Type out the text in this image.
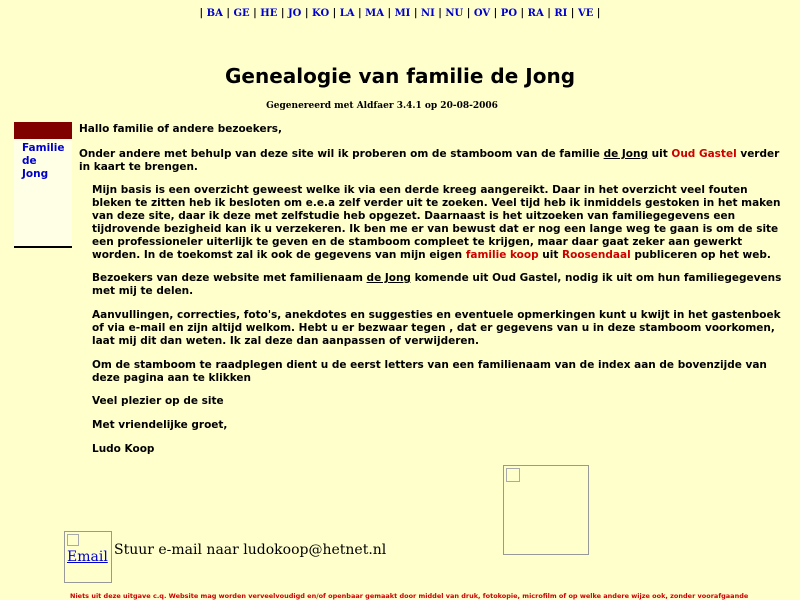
| BA | GE | HE | JO | KO | LA | MA | MI | NI | NU | OV | PO | RA | RI | VE |
Genealogie van familie de Jong
Gegenereerd met Aldfaer 3.4.1 op 20-08-2006
Familie
de
Jong

Hallo familie of andere bezoekers,

Onder andere met behulp van deze site wil ik proberen om de stamboom van de familie de Jong uit Oud Gastel verder in kaart te brengen.

Mijn basis is een overzicht geweest welke ik via een derde kreeg aangereikt. Daar in het overzicht veel fouten bleken te zitten heb ik besloten om e.e.a zelf verder uit te zoeken. Veel tijd heb ik inmiddels gestoken in het maken van deze site, daar ik deze met zelfstudie heb opgezet. Daarnaast is het uitzoeken van familiegegevens een tijdrovende bezigheid kan ik u verzekeren. Ik ben me er van bewust dat er nog een lange weg te gaan is om de site een professioneler uiterlijk te geven en de stamboom compleet te krijgen, maar daar gaat zeker aan gewerkt worden. In de toekomst zal ik ook de gegevens van mijn eigen familie koop uit Roosendaal publiceren op het web.

Bezoekers van deze website met familienaam de Jong komende uit Oud Gastel, nodig ik uit om hun familiegegevens met mij te delen.

Aanvullingen, correcties, foto's, anekdotes en suggesties en eventuele opmerkingen kunt u kwijt in het gastenboek of via e-mail en zijn altijd welkom. Hebt u er bezwaar tegen , dat er gegevens van u in deze stamboom voorkomen, laat mij dit dan weten. Ik zal deze dan aanpassen of verwijderen.

Om de stamboom te raadplegen dient u de eerst letters van een familienaam van de index aan de bovenzijde van deze pagina aan te klikken

Veel plezier op de site

Met vriendelijke groet,

Ludo Koop

Email Stuur e-mail naar ludokoop@hetnet.nl
Niets uit deze uitgave c.q. Website mag worden verveelvoudigd en/of openbaar gemaakt door middel van druk, fotokopie, microfilm of op welke andere wijze ook, zonder voorafgaande
